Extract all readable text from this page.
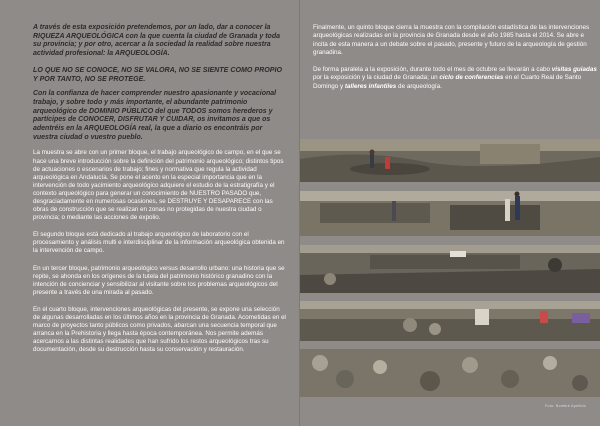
A través de esta exposición pretendemos, por un lado, dar a conocer la RIQUEZA ARQUEOLÓGICA con la que cuenta la ciudad de Granada y toda su provincia; y por otro, acercar a la sociedad la realidad sobre nuestra actividad profesional: la ARQUEOLOGÍA.

LO QUE NO SE CONOCE, NO SE VALORA, NO SE SIENTE COMO PROPIO Y POR TANTO, NO SE PROTEGE.

Con la confianza de hacer comprender nuestro apasionante y vocacional trabajo, y sobre todo y más importante, el abundante patrimonio arqueológico de DOMINIO PÚBLICO del que TODOS somos herederos y partícipes de CONOCER, DISFRUTAR Y CUIDAR, os invitamos a que os adentréis en la ARQUEOLOGÍA real, la que a diario os encontráis por vuestra ciudad o vuestro pueblo.

La muestra se abre con un primer bloque, el trabajo arqueológico de campo, en el que se hace una breve introducción sobre la definición del patrimonio arqueológico; distintos tipos de actuaciones o escenarios de trabajo; fines y normativa que regula la actividad arqueológica en Andalucía. Se pone el acento en la especial importancia que en la intervención de todo yacimiento arqueológico adquiere el estudio de la estratigrafía y el contexto arqueológico para generar un conocimiento de NUESTRO PASADO que, desgraciadamente en numerosas ocasiones, se DESTRUYE Y DESAPARECE con las obras de construcción que se realizan en zonas no protegidas de nuestra ciudad o provincia; o mediante las acciones de expolio.

El segundo bloque está dedicado al trabajo arqueológico de laboratorio con el procesamiento y análisis multi e interdisciplinar de la información arqueológica obtenida en la intervención de campo.

En un tercer bloque, patrimonio arqueológico versus desarrollo urbano: una historia que se repite, se ahonda en los orígenes de la tutela del patrimonio histórico granadino con la intención de concienciar y sensibilizar al visitante sobre los problemas arqueológicos del presente a través de una mirada al pasado.

En el cuarto bloque, intervenciones arqueológicas del presente, se expone una selección de algunas desarrolladas en los últimos años en la provincia de Granada. Acometidas en el marco de proyectos tanto públicos como privados, abarcan una secuencia temporal que arranca en la Prehistoria y llega hasta época contemporánea. Nos permite además acercarnos a las distintas realidades que han sufrido los restos arqueológicos tras su documentación, desde su destrucción hasta su conservación y restauración.

Finalmente, un quinto bloque cierra la muestra con la compilación estadística de las intervenciones arqueológicas realizadas en la provincia de Granada desde el año 1985 hasta el 2014. Se abre e incita de esta manera a un debate sobre el pasado, presente y futuro de la arqueología de gestión granadina.

De forma paralela a la exposición, durante todo el mes de octubre se llevarán a cabo visitas guiadas por la exposición y la ciudad de Granada; un ciclo de conferencias en el Cuarto Real de Santo Domingo y talleres infantiles de arqueología.

Foto: Nombre Apellido
